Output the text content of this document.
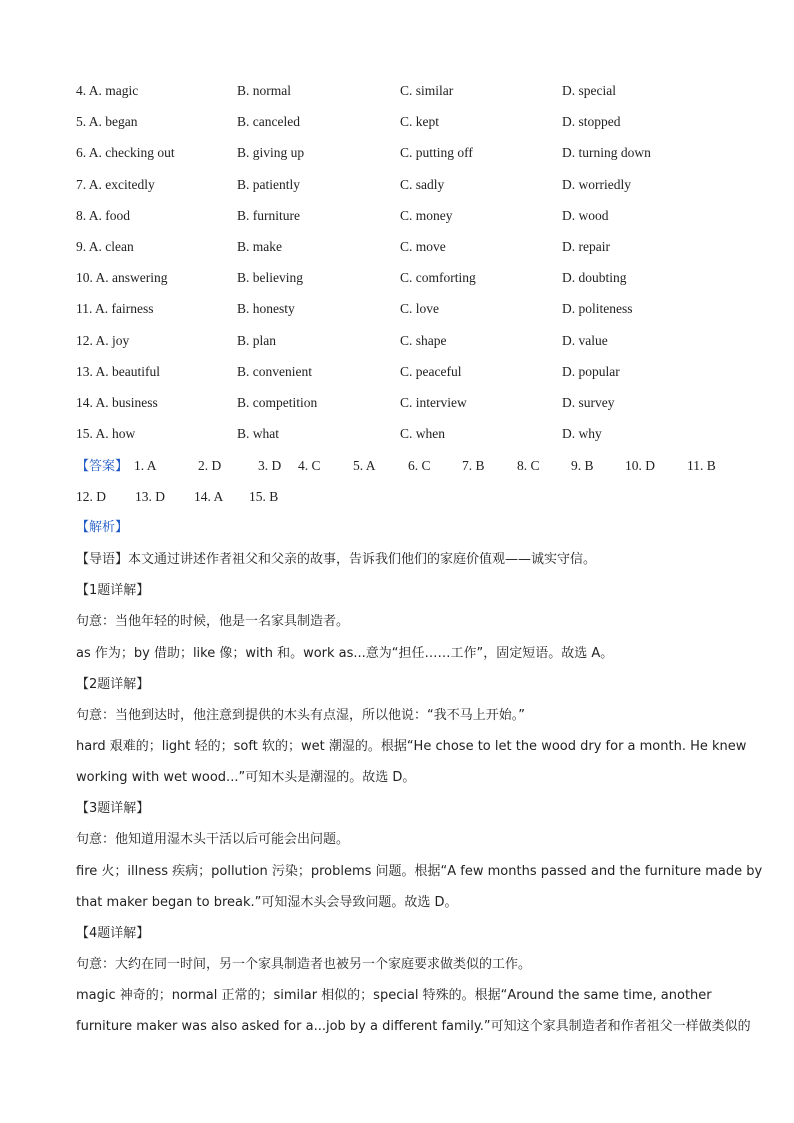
4. A. magic	B. normal	C. similar	D. special
5. A. began	B. canceled	C. kept	D. stopped
6. A. checking out	B. giving up	C. putting off	D. turning down
7. A. excitedly	B. patiently	C. sadly	D. worriedly
8. A. food	B. furniture	C. money	D. wood
9. A. clean	B. make	C. move	D. repair
10. A. answering	B. believing	C. comforting	D. doubting
11. A. fairness	B. honesty	C. love	D. politeness
12. A. joy	B. plan	C. shape	D. value
13. A. beautiful	B. convenient	C. peaceful	D. popular
14. A. business	B. competition	C. interview	D. survey
15. A. how	B. what	C. when	D. why
【答案】 1. A	2. D	3. D 4. C 5. A 6. C 7. B 8. C 9. B 10. D 11. B
12. D 13. D 14. A 15. B
【解析】
【导语】本文通过讲述作者祖父和父亲的故事，告诉我们他们的家庭价值观——诚实守信。
【1题详解】
句意：当他年轻的时候，他是一名家具制造者。
as 作为；by 借助；like 像；with 和。work as...意为“担任……工作”，固定短语。故选 A。
【2题详解】
句意：当他到达时，他注意到提供的木头有点湿，所以他说：“我不马上开始。”
hard 艰难的；light 轻的；soft 软的；wet 潮湿的。根据“He chose to let the wood dry for a month. He knew
working with wet wood...”可知木头是潮湿的。故选 D。
【3题详解】
句意：他知道用湿木头干活以后可能会出问题。
fire 火；illness 疾病；pollution 污染；problems 问题。根据“A few months passed and the furniture made by
that maker began to break.”可知湿木头会导致问题。故选 D。
【4题详解】
句意：大约在同一时间，另一个家具制造者也被另一个家庭要求做类似的工作。
magic 神奇的；normal 正常的；similar 相似的；special 特殊的。根据“Around the same time, another
furniture maker was also asked for a...job by a different family.”可知这个家具制造者和作者祖父一样做类似的
